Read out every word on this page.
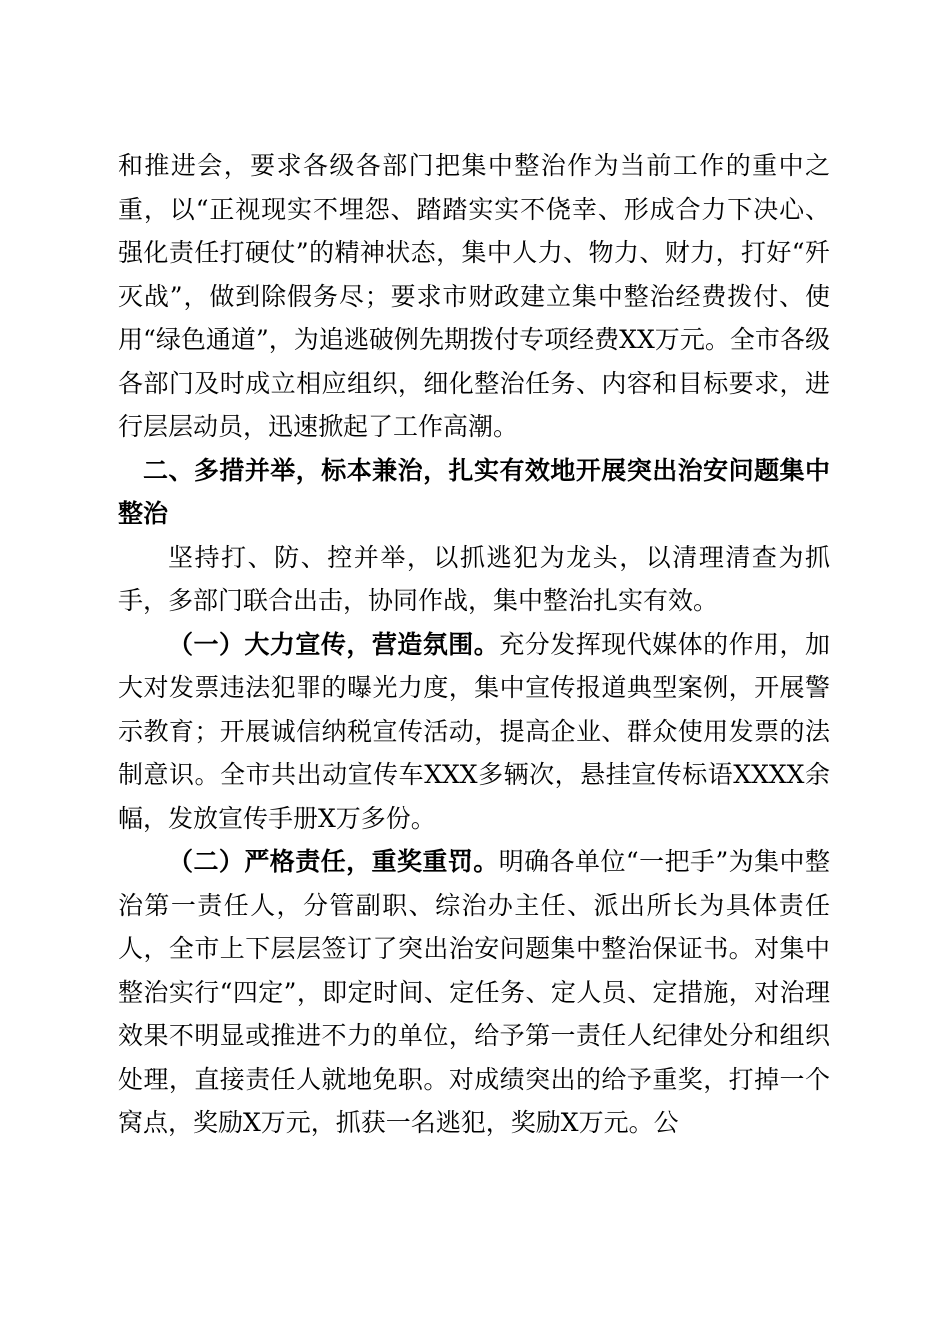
和推进会，要求各级各部门把集中整治作为当前工作的重中之重，以“正视现实不埋怨、踏踏实实不侥幸、形成合力下决心、强化责任打硬仗”的精神状态，集中人力、物力、财力，打好“歼灭战”，做到除假务尽；要求市财政建立集中整治经费拨付、使用“绿色通道”，为追逃破例先期拨付专项经费XX万元。全市各级各部门及时成立相应组织，细化整治任务、内容和目标要求，进行层层动员，迅速掀起了工作高潮。

二、多措并举，标本兼治，扎实有效地开展突出治安问题集中整治

坚持打、防、控并举，以抓逃犯为龙头，以清理清查为抓手，多部门联合出击，协同作战，集中整治扎实有效。

（一）大力宣传，营造氛围。充分发挥现代媒体的作用，加大对发票违法犯罪的曝光力度，集中宣传报道典型案例，开展警示教育；开展诚信纳税宣传活动，提高企业、群众使用发票的法制意识。全市共出动宣传车XXX多辆次，悬挂宣传标语XXXX余幅，发放宣传手册X万多份。

（二）严格责任，重奖重罚。明确各单位“一把手”为集中整治第一责任人，分管副职、综治办主任、派出所长为具体责任人，全市上下层层签订了突出治安问题集中整治保证书。对集中整治实行“四定”，即定时间、定任务、定人员、定措施，对治理效果不明显或推进不力的单位，给予第一责任人纪律处分和组织处理，直接责任人就地免职。对成绩突出的给予重奖，打掉一个窝点，奖励X万元，抓获一名逃犯，奖励X万元。公
